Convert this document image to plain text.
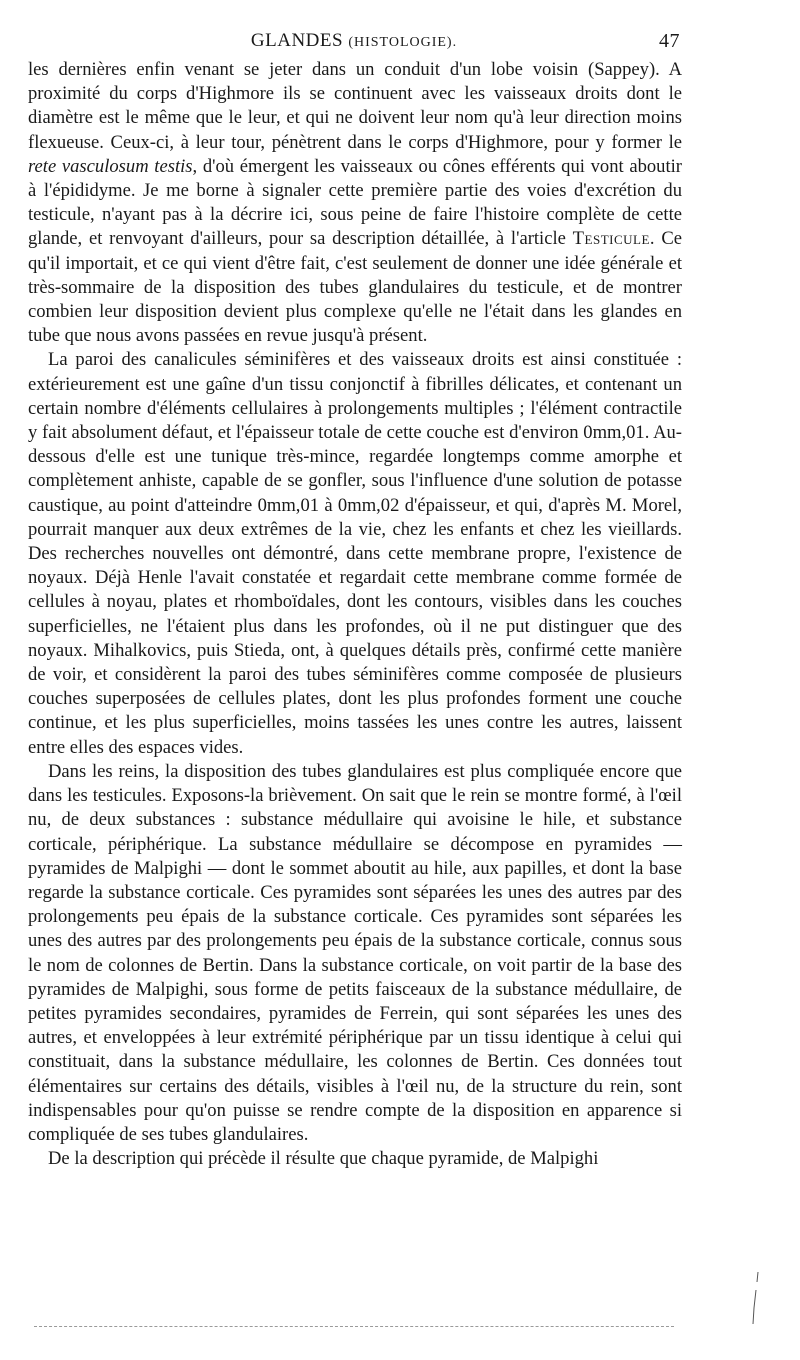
GLANDES (HISTOLOGIE).	47

les dernières enfin venant se jeter dans un conduit d'un lobe voisin (Sappey). A proximité du corps d'Highmore ils se continuent avec les vaisseaux droits dont le diamètre est le même que le leur, et qui ne doivent leur nom qu'à leur direction moins flexueuse. Ceux-ci, à leur tour, pénètrent dans le corps d'Highmore, pour y former le rete vasculosum testis, d'où émergent les vaisseaux ou cônes efférents qui vont aboutir à l'épididyme. Je me borne à signaler cette première partie des voies d'excrétion du testicule, n'ayant pas à la décrire ici, sous peine de faire l'histoire complète de cette glande, et renvoyant d'ailleurs, pour sa description détaillée, à l'article Testicule. Ce qu'il importait, et ce qui vient d'être fait, c'est seulement de donner une idée générale et très-sommaire de la disposition des tubes glandulaires du testicule, et de montrer combien leur disposition devient plus complexe qu'elle ne l'était dans les glandes en tube que nous avons passées en revue jusqu'à présent.

La paroi des canalicules séminifères et des vaisseaux droits est ainsi constituée : extérieurement est une gaîne d'un tissu conjonctif à fibrilles délicates, et contenant un certain nombre d'éléments cellulaires à prolongements multiples ; l'élément contractile y fait absolument défaut, et l'épaisseur totale de cette couche est d'environ 0mm,01. Au-dessous d'elle est une tunique très-mince, regardée longtemps comme amorphe et complètement anhiste, capable de se gonfler, sous l'influence d'une solution de potasse caustique, au point d'atteindre 0mm,01 à 0mm,02 d'épaisseur, et qui, d'après M. Morel, pourrait manquer aux deux extrêmes de la vie, chez les enfants et chez les vieillards. Des recherches nouvelles ont démontré, dans cette membrane propre, l'existence de noyaux. Déjà Henle l'avait constatée et regardait cette membrane comme formée de cellules à noyau, plates et rhomboïdales, dont les contours, visibles dans les couches superficielles, ne l'étaient plus dans les profondes, où il ne put distinguer que des noyaux. Mihalkovics, puis Stieda, ont, à quelques détails près, confirmé cette manière de voir, et considèrent la paroi des tubes séminifères comme composée de plusieurs couches superposées de cellules plates, dont les plus profondes forment une couche continue, et les plus superficielles, moins tassées les unes contre les autres, laissent entre elles des espaces vides.

Dans les reins, la disposition des tubes glandulaires est plus compliquée encore que dans les testicules. Exposons-la brièvement. On sait que le rein se montre formé, à l'œil nu, de deux substances : substance médullaire qui avoisine le hile, et substance corticale, périphérique. La substance médullaire se décompose en pyramides — pyramides de Malpighi — dont le sommet aboutit au hile, aux papilles, et dont la base regarde la substance corticale. Ces pyramides sont séparées les unes des autres par des prolongements peu épais de la substance corticale. Ces pyramides sont séparées les unes des autres par des prolongements peu épais de la substance corticale, connus sous le nom de colonnes de Bertin. Dans la substance corticale, on voit partir de la base des pyramides de Malpighi, sous forme de petits faisceaux de la substance médullaire, de petites pyramides secondaires, pyramides de Ferrein, qui sont séparées les unes des autres, et enveloppées à leur extrémité périphérique par un tissu identique à celui qui constituait, dans la substance médullaire, les colonnes de Bertin. Ces données tout élémentaires sur certains des détails, visibles à l'œil nu, de la structure du rein, sont indispensables pour qu'on puisse se rendre compte de la disposition en apparence si compliquée de ses tubes glandulaires.

De la description qui précède il résulte que chaque pyramide, de Malpighi
